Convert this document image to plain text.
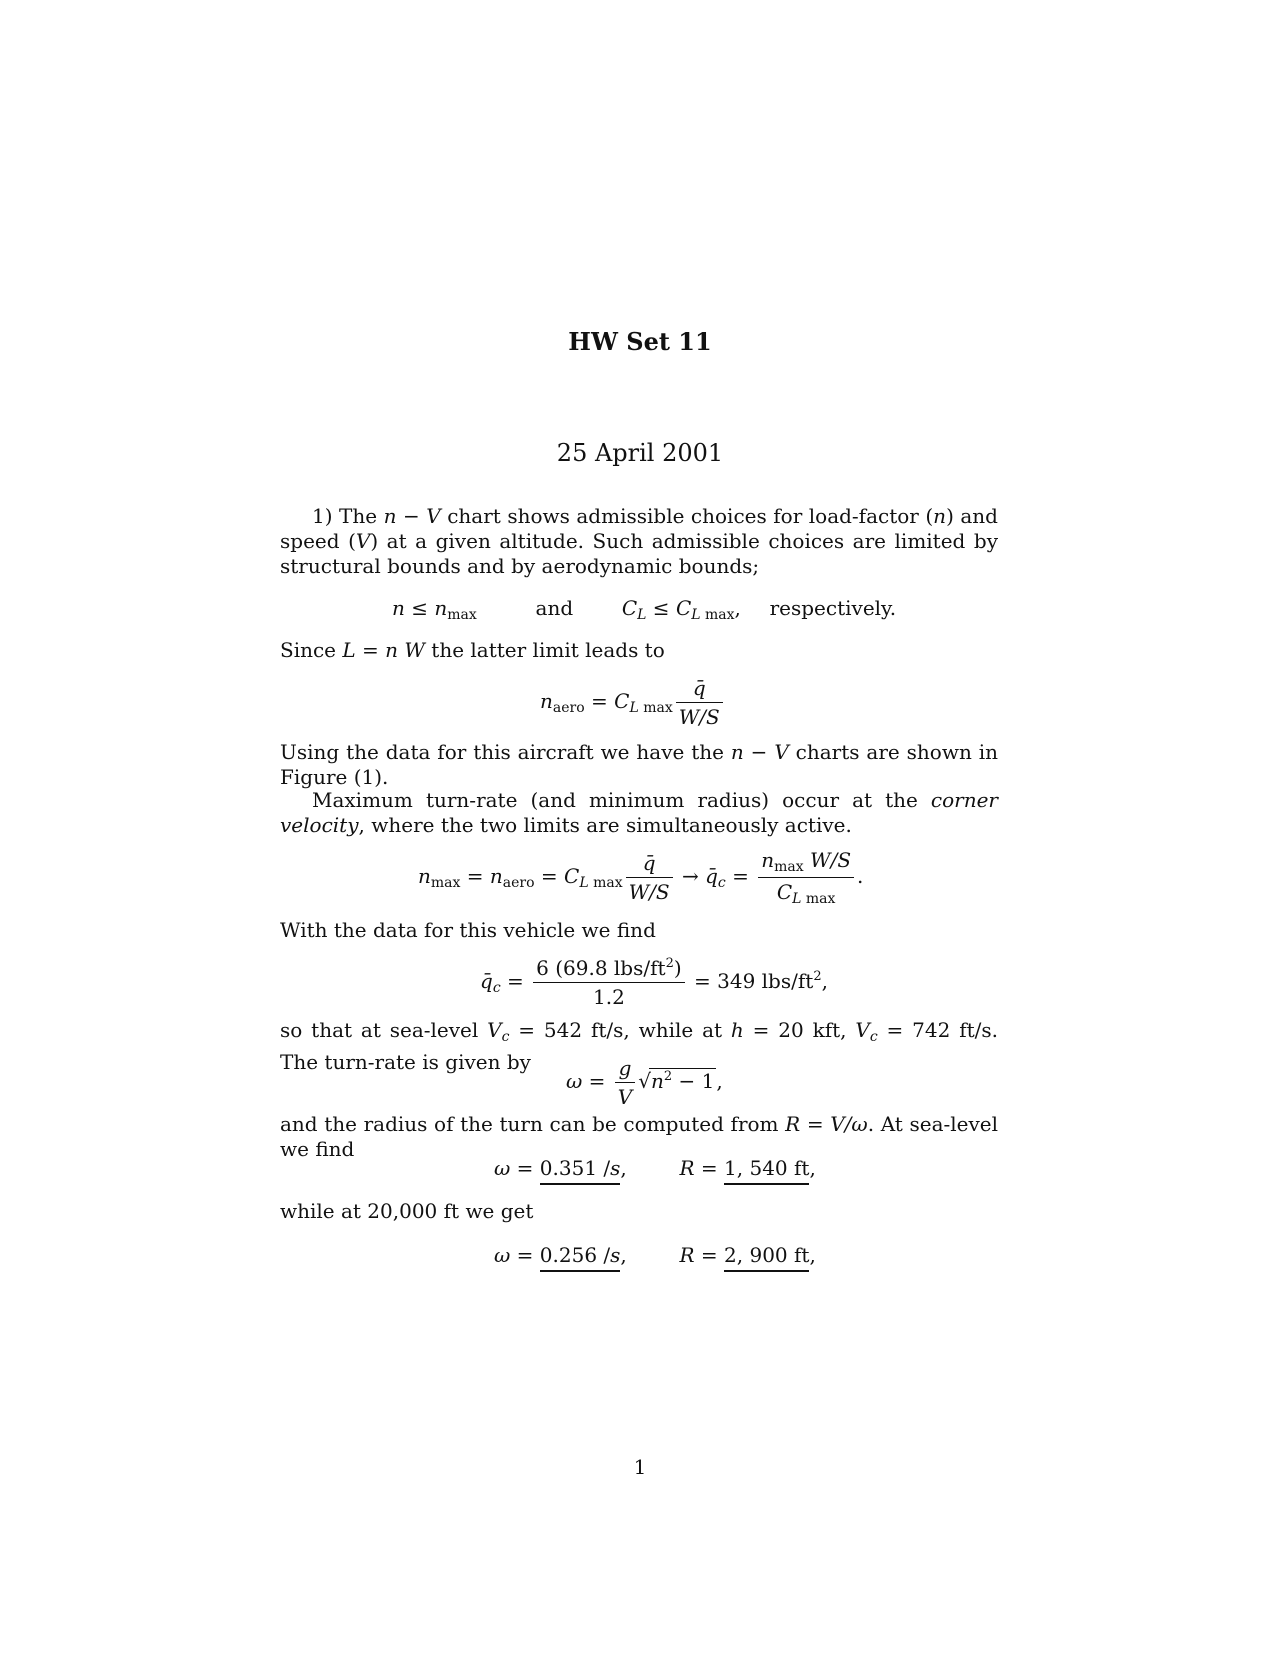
HW Set 11
25 April 2001
1) The n − V chart shows admissible choices for load-factor (n) and speed (V) at a given altitude. Such admissible choices are limited by structural bounds and by aerodynamic bounds;
$n \le n_{max}$	and $C_L \le C_{L max}$,  respectively.
Since L = n W the latter limit leads to
$n_{aero} = C_{L max} \frac{q̄}{W/S}$
Using the data for this aircraft we have the n − V charts are shown in Figure (1).
Maximum turn-rate (and minimum radius) occur at the corner velocity, where the two limits are simultaneously active.
$n_{max} = n_{aero} = C_{L max} \frac{q̄}{W/S}$ → $q̄_c = \frac{n_{max} W/S}{C_{L max}}$ .
With the data for this vehicle we find
$q̄_c = \frac{6 (69.8 lbs/ft^2)}{1.2} = 349$ lbs/$ft^2$,
so that at sea-level $V_c = 542$ ft/s, while at h = 20 kft, $V_c = 742$ ft/s. The turn-rate is given by
$\omega = \frac{g}{V} √n^2 - 1$ ,
and the radius of the turn can be computed from R = V/ω. At sea-level we find
ω = 0.351 /s,  R = 1, 540 ft,
while at 20,000 ft we get
ω = 0.256 /s,  R = 2, 900 ft,
1
